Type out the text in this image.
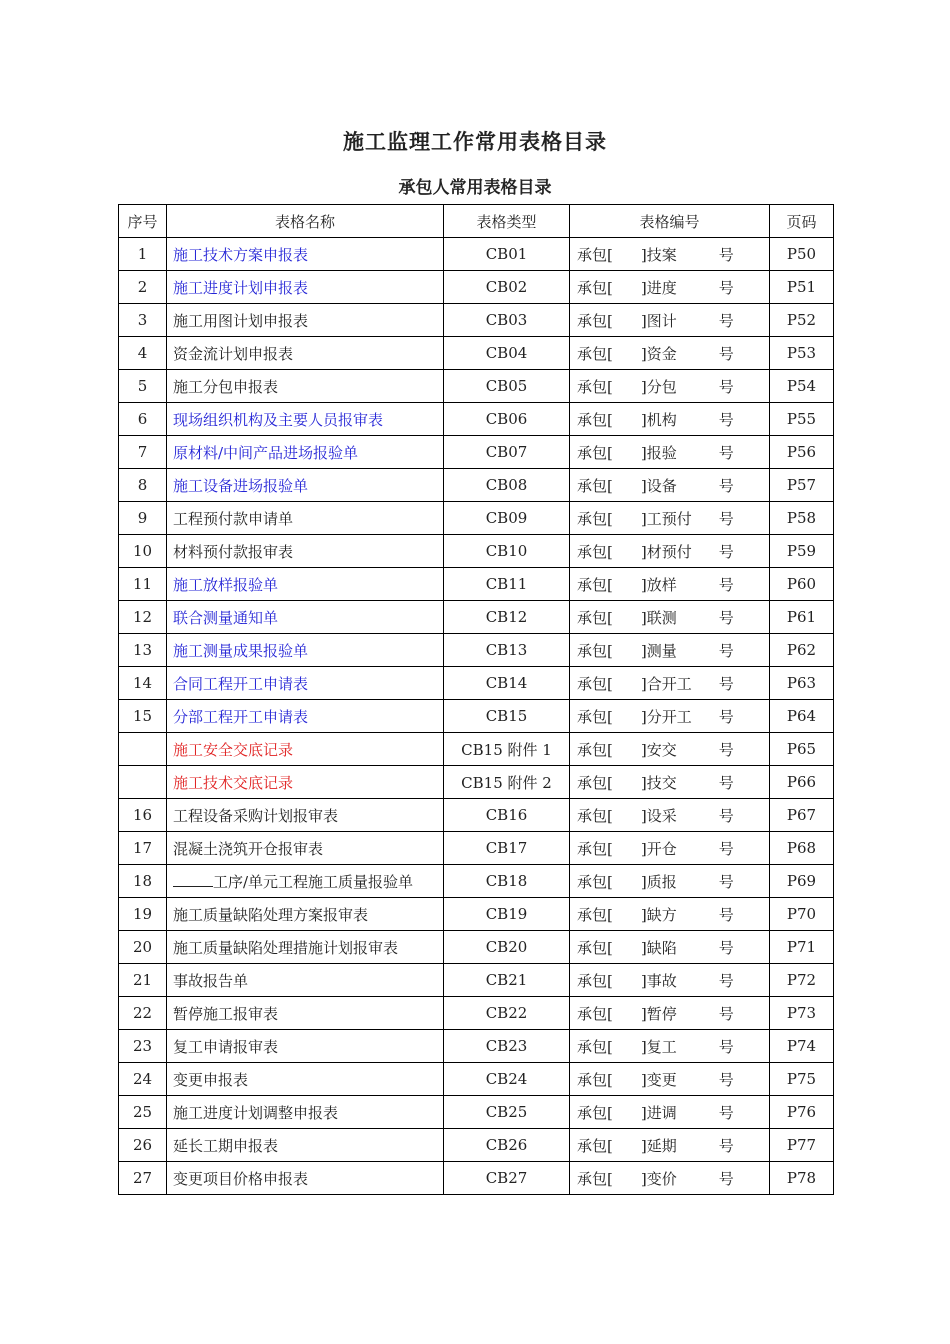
施工监理工作常用表格目录
承包人常用表格目录
序号	表格名称	表格类型	表格编号	页码
1	施工技术方案申报表	CB01	承包[ ]技案 号	P50
2	施工进度计划申报表	CB02	承包[ ]进度 号	P51
3	施工用图计划申报表	CB03	承包[ ]图计 号	P52
4	资金流计划申报表	CB04	承包[ ]资金 号	P53
5	施工分包申报表	CB05	承包[ ]分包 号	P54
6	现场组织机构及主要人员报审表	CB06	承包[ ]机构 号	P55
7	原材料/中间产品进场报验单	CB07	承包[ ]报验 号	P56
8	施工设备进场报验单	CB08	承包[ ]设备 号	P57
9	工程预付款申请单	CB09	承包[ ]工预付 号	P58
10	材料预付款报审表	CB10	承包[ ]材预付 号	P59
11	施工放样报验单	CB11	承包[ ]放样 号	P60
12	联合测量通知单	CB12	承包[ ]联测 号	P61
13	施工测量成果报验单	CB13	承包[ ]测量 号	P62
14	合同工程开工申请表	CB14	承包[ ]合开工 号	P63
15	分部工程开工申请表	CB15	承包[ ]分开工 号	P64
	施工安全交底记录	CB15 附件 1	承包[ ]安交 号	P65
	施工技术交底记录	CB15 附件 2	承包[ ]技交 号	P66
16	工程设备采购计划报审表	CB16	承包[ ]设采 号	P67
17	混凝土浇筑开仓报审表	CB17	承包[ ]开仓 号	P68
18	工序/单元工程施工质量报验单	CB18	承包[ ]质报 号	P69
19	施工质量缺陷处理方案报审表	CB19	承包[ ]缺方 号	P70
20	施工质量缺陷处理措施计划报审表	CB20	承包[ ]缺陷 号	P71
21	事故报告单	CB21	承包[ ]事故 号	P72
22	暂停施工报审表	CB22	承包[ ]暂停 号	P73
23	复工申请报审表	CB23	承包[ ]复工 号	P74
24	变更申报表	CB24	承包[ ]变更 号	P75
25	施工进度计划调整申报表	CB25	承包[ ]进调 号	P76
26	延长工期申报表	CB26	承包[ ]延期 号	P77
27	变更项目价格申报表	CB27	承包[ ]变价 号	P78
